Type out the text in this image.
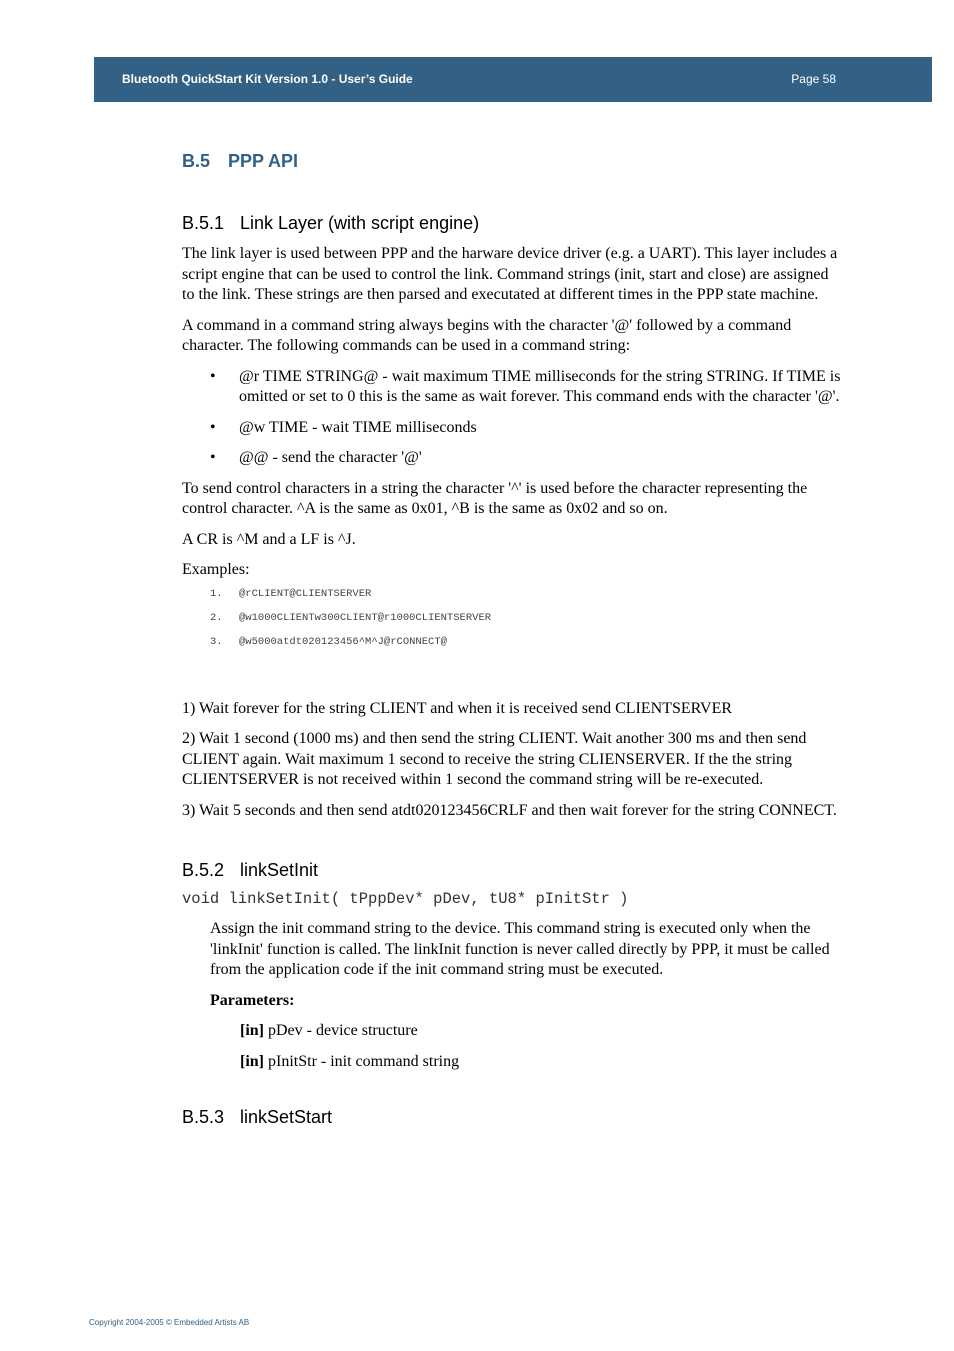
Bluetooth QuickStart Kit Version 1.0 - User’s Guide	Page 58
B.5 PPP API
B.5.1 Link Layer (with script engine)

The link layer is used between PPP and the harware device driver (e.g. a UART). This layer includes a script engine that can be used to control the link. Command strings (init, start and close) are assigned to the link. These strings are then parsed and executated at different times in the PPP state machine.

A command in a command string always begins with the character '@' followed by a command character. The following commands can be used in a command string:

• @r TIME STRING@ - wait maximum TIME milliseconds for the string STRING. If TIME is omitted or set to 0 this is the same as wait forever. This command ends with the character '@'.
• @w TIME - wait TIME milliseconds
• @@ - send the character '@'

To send control characters in a string the character '^' is used before the character representing the control character. ^A is the same as 0x01, ^B is the same as 0x02 and so on.

A CR is ^M and a LF is ^J.

Examples:

1. @rCLIENT@CLIENTSERVER
2. @w1000CLIENTw300CLIENT@r1000CLIENTSERVER
3. @w5000atdt020123456^M^J@rCONNECT@

1) Wait forever for the string CLIENT and when it is received send CLIENTSERVER

2) Wait 1 second (1000 ms) and then send the string CLIENT. Wait another 300 ms and then send CLIENT again. Wait maximum 1 second to receive the string CLIENSERVER. If the the string CLIENTSERVER is not received within 1 second the command string will be re-executed.

3) Wait 5 seconds and then send atdt020123456CRLF and then wait forever for the string CONNECT.

B.5.2 linkSetInit
void linkSetInit( tPppDev* pDev, tU8* pInitStr )

Assign the init command string to the device. This command string is executed only when the 'linkInit' function is called. The linkInit function is never called directly by PPP, it must be called from the application code if the init command string must be executed.

Parameters:

[in] pDev - device structure

[in] pInitStr - init command string

B.5.3 linkSetStart
Copyright 2004-2005 © Embedded Artists AB
